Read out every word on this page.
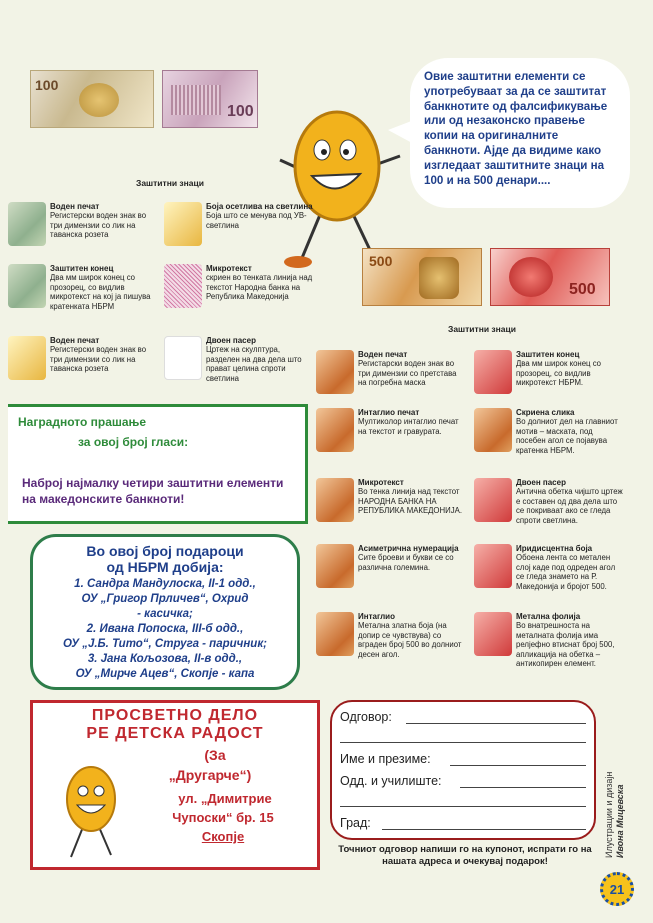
100
100
Овие заштитни елементи се употребуваат за да се заштитат банкнотите од фалсификување или од незаконско правење копии на оригиналните банкноти. Ајде да видиме како изгледаат заштитните знаци на 100 и на 500 денари....
Заштитни знаци
Воден печат
Регистерски воден знак во три димензии со лик на таванска розета
Боја осетлива на светлина
Боја што се менува под УВ-светлина
Заштитен конец
Два мм широк конец со прозорец, со видлив микротекст на кој ја пишува кратенката НБРМ
Микротекст
скриен во тенката линија над текстот Народна банка на Република Македонија
Воден печат
Регистерски воден знак во три димензии со лик на таванска розета
Двоен пасер
Цртеж на скулптура, разделен на два дела што прават целина спроти светлина
Наградното прашање
за овој број гласи:
Наброј најмалку четири заштитни елементи на македонските банкноти!
Во овој број подароци
од НБРМ добија:
1. Сандра Мандулоска, II-1 одд.,
ОУ „Григор Прличев“, Охрид
- касичка;
2. Ивана Попоска, III-б одд.,
ОУ „Ј.Б. Тито“, Струга - паричник;
3. Јана Кољозова, II-в одд.,
ОУ „Мирче Ацев“, Скопје - капа
ПРОСВЕТНО ДЕЛО
РЕ ДЕТСКА РАДОСТ
(За
„Другарче“)
ул. „Димитрие
Чупоски“ бр. 15
Скопје
500
500
Заштитни знаци
Воден печат
Регистарски воден знак во три димензии со претстава на погребна маска
Заштитен конец
Два мм широк конец со прозорец, со видлив микротекст НБРМ.
Интаглио печат
Мултиколор интаглио печат на текстот и гравурата.
Скриена слика
Во долниот дел на главниот мотив – маската, под посебен агол се појавува кратенка НБРМ.
Микротекст
Во тенка линија над текстот НАРОДНА БАНКА НА РЕПУБЛИКА МАКЕДОНИЈА.
Двоен пасер
Антична обетка чијшто цртеж е составен од два дела што се покриваат ако се гледа спроти светлина.
Асиметрична нумерација
Сите броеви и букви се со различна големина.
Иридисцентна боја
Обоена лента со метален слој каде под одреден агол се гледа знамето на Р. Македонија и бројот 500.
Интаглио
Метална златна боја (на допир се чувствува) со вграден број 500 во долниот десен агол.
Метална фолија
Во внатрешноста на металната фолија има релјефно втиснат број 500, апликација на обетка – антикопирен елемент.
Одговор:
Име и презиме:
Одд. и училиште:
Град:
Точниот одговор напиши го на купонот, испрати го на нашата адреса и очекувај подарок!
Илустрации и дизајн Ивона Мицевска
21
